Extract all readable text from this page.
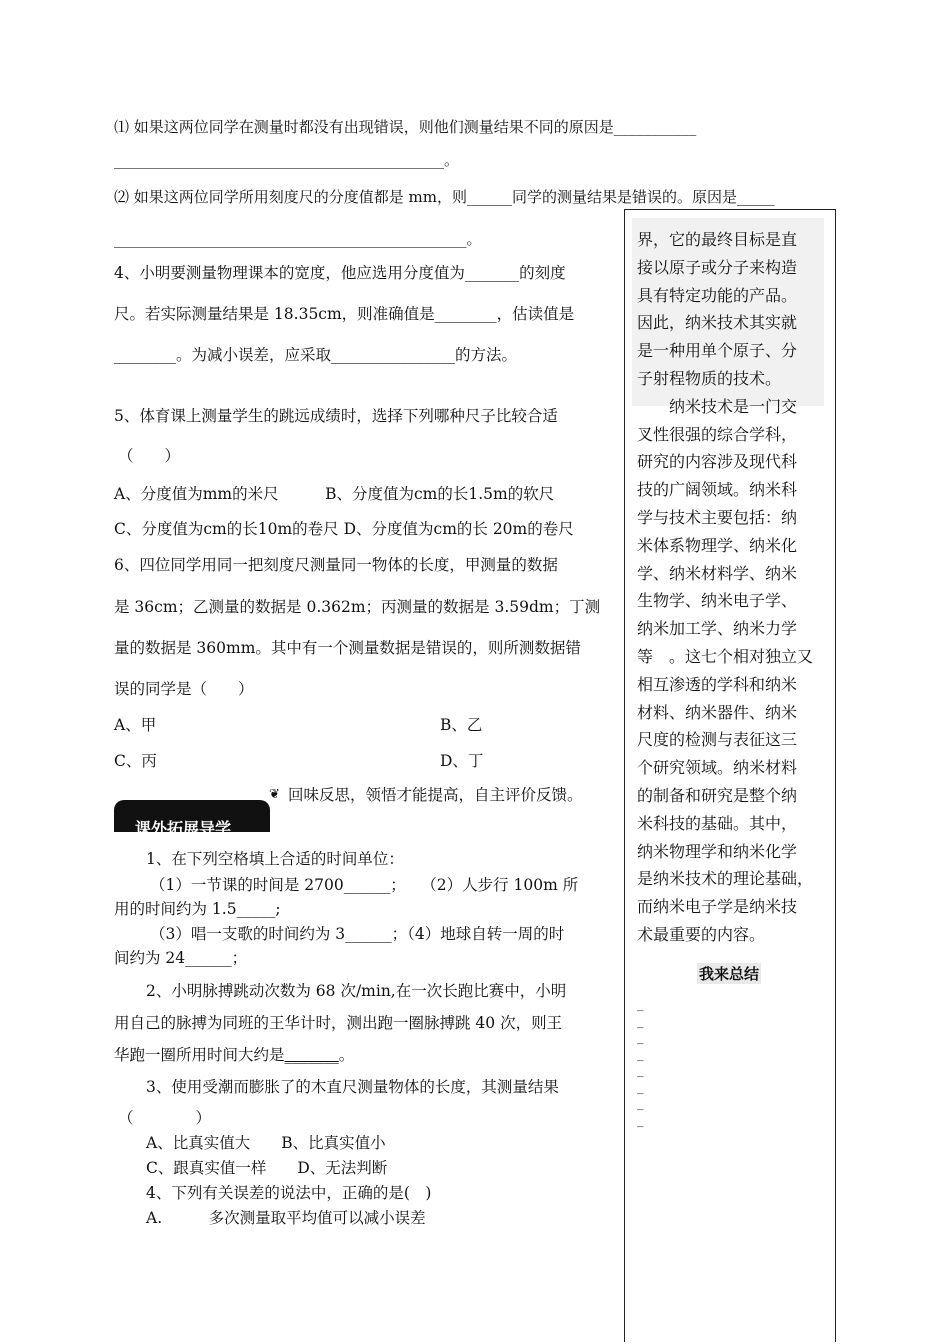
⑴ 如果这两位同学在测量时都没有出现错误，则他们测量结果不同的原因是___________
____________________________________________。
⑵ 如果这两位同学所用刻度尺的分度值都是 mm，则______同学的测量结果是错误的。原因是_____
_______________________________________________。
4、小明要测量物理课本的宽度，他应选用分度值为_______的刻度
尺。若实际测量结果是 18.35cm，则准确值是________，估读值是
________。为减小误差，应采取________________的方法。
5、体育课上测量学生的跳远成绩时，选择下列哪种尺子比较合适
（　　）
A、分度值为mm的米尺　　　B、分度值为cm的长1.5m的软尺
C、分度值为cm的长10m的卷尺 D、分度值为cm的长 20m的卷尺
6、四位同学用同一把刻度尺测量同一物体的长度，甲测量的数据
是 36cm；乙测量的数据是 0.362m；丙测量的数据是 3.59dm；丁测
量的数据是 360mm。其中有一个测量数据是错误的，则所测数据错
误的同学是（　　）
A、甲	B、乙
C、丙	D、丁
❦ 回味反思，领悟才能提高，自主评价反馈。
课外拓展导学
1、在下列空格填上合适的时间单位：
（1）一节课的时间是 2700______；　　（2）人步行 100m 所
用的时间约为 1.5_____;
（3）唱一支歌的时间约为 3______；（4）地球自转一周的时
间约为 24______；
2、小明脉搏跳动次数为 68 次/min,在一次长跑比赛中，小明
用自己的脉搏为同班的王华计时，测出跑一圈脉搏跳 40 次，则王
华跑一圈所用时间大约是_______。
3、使用受潮而膨胀了的木直尺测量物体的长度，其测量结果
（　　　　）
A、比真实值大　　B、比真实值小
C、跟真实值一样　　D、无法判断
4、下列有关误差的说法中，正确的是(　)
A.　　　多次测量取平均值可以减小误差
界，它的最终目标是直
接以原子或分子来构造
具有特定功能的产品。
因此，纳米技术其实就
是一种用单个原子、分
子射程物质的技术。
　　纳米技术是一门交
叉性很强的综合学科，
研究的内容涉及现代科
技的广阔领域。纳米科
学与技术主要包括：纳
米体系物理学、纳米化
学、纳米材料学、纳米
生物学、纳米电子学、
纳米加工学、纳米力学
等　。这七个相对独立又
相互渗透的学科和纳米
材料、纳米器件、纳米
尺度的检测与表征这三
个研究领域。纳米材料
的制备和研究是整个纳
米科技的基础。其中，
纳米物理学和纳米化学
是纳米技术的理论基础，
而纳米电子学是纳米技
术最重要的内容。
我来总结
_
_
_
_
_
_
_
_
